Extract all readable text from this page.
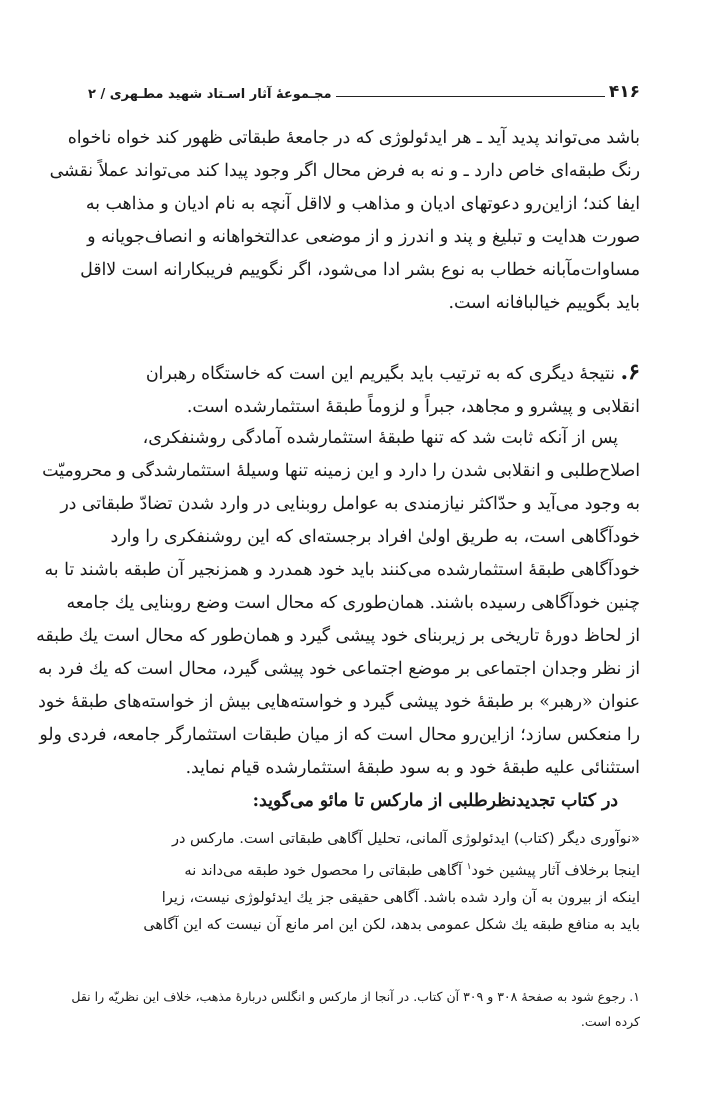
۴۱۶
مجـموعهٔ آثار اسـتاد شهید مطـهری / ۲
باشد می‌تواند پدید آید ـ هر ایدئولوژی که در جامعهٔ طبقاتی ظهور کند خواه ناخواه
رنگ طبقه‌ای خاص دارد ـ و نه به فرض محال اگر وجود پیدا کند می‌تواند عملاً نقشی
ایفا کند؛ ازاین‌رو دعوتهای ادیان و مذاهب و لااقل آنچه به نام ادیان و مذاهب به
صورت هدایت و تبلیغ و پند و اندرز و از موضعی عدالتخواهانه و انصاف‌جویانه و
مساوات‌مآبانه خطاب به نوع بشر ادا می‌شود، اگر نگوییم فریبکارانه است لااقل
باید بگوییم خیالبافانه است.
۶. نتیجهٔ دیگری که به ترتیب باید بگیریم این است که خاستگاه رهبران
انقلابی و پیشرو و مجاهد، جبراً و لزوماً طبقهٔ استثمارشده است.
پس از آنکه ثابت شد که تنها طبقهٔ استثمارشده آمادگی روشنفکری،
اصلاح‌طلبی و انقلابی شدن را دارد و این زمینه تنها وسیلهٔ استثمارشدگی و محرومیّت
به وجود می‌آید و حدّاکثر نیازمندی به عوامل روبنایی در وارد شدن تضادّ طبقاتی در
خودآگاهی است، به طریق اولیٰ افراد برجسته‌ای که این روشنفکری را وارد
خودآگاهی طبقهٔ استثمارشده می‌کنند باید خود همدرد و همزنجیر آن طبقه باشند تا به
چنین خودآگاهی رسیده باشند. همان‌طوری که محال است وضع روبنایی یك جامعه
از لحاظ دورهٔ تاریخی بر زیربنای خود پیشی گیرد و همان‌طور که محال است یك طبقه
از نظر وجدان اجتماعی بر موضع اجتماعی خود پیشی گیرد، محال است که یك فرد به
عنوان «رهبر» بر طبقهٔ خود پیشی گیرد و خواسته‌هایی بیش از خواسته‌های طبقهٔ خود
را منعکس سازد؛ ازاین‌رو محال است که از میان طبقات استثمارگر جامعه، فردی ولو
استثنائی علیه طبقهٔ خود و به سود طبقهٔ استثمارشده قیام نماید.
در کتاب تجدیدنظرطلبی از مارکس تا مائو می‌گوید:
«نوآوری دیگر (کتاب) ایدئولوژی آلمانی، تحلیل آگاهی طبقاتی است. مارکس در
اینجا برخلاف آثار پیشین خود$^۱$ آگاهی طبقاتی را محصول خود طبقه می‌داند نه
اینکه از بیرون به آن وارد شده باشد. آگاهی حقیقی جز یك ایدئولوژی نیست، زیرا
باید به منافع طبقه یك شکل عمومی بدهد، لکن این امر مانع آن نیست که این آگاهی
۱. رجوع شود به صفحهٔ ۳۰۸ و ۳۰۹ آن کتاب. در آنجا از مارکس و انگلس دربارهٔ مذهب، خلاف این نظریّه را نقل
کرده است.
